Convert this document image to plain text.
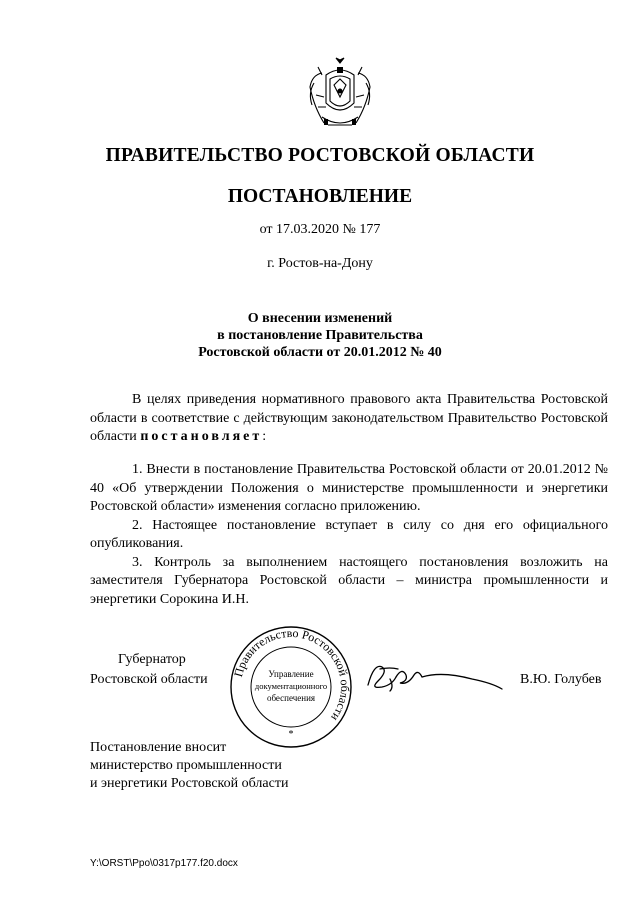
ПРАВИТЕЛЬСТВО РОСТОВСКОЙ ОБЛАСТИ
ПОСТАНОВЛЕНИЕ
от 17.03.2020 № 177
г. Ростов-на-Дону
О внесении изменений
в постановление Правительства
Ростовской области от 20.01.2012 № 40
В целях приведения нормативного правового акта Правительства Ростовской области в соответствие с действующим законодательством Правительство Ростовской области постановляет:
1. Внести в постановление Правительства Ростовской области от 20.01.2012 № 40 «Об утверждении Положения о министерстве промышленности и энергетики Ростовской области» изменения согласно приложению.
2. Настоящее постановление вступает в силу со дня его официального опубликования.
3. Контроль за выполнением настоящего постановления возложить на заместителя Губернатора Ростовской области – министра промышленности и энергетики Сорокина И.Н.
Губернатор
Ростовской области Правительство Ростовской области
Управление
документационного
обеспечения
*
В.Ю. Голубев
Постановление вносит
министерство промышленности
и энергетики Ростовской области
Y:\ORST\Ppo\0317p177.f20.docx
